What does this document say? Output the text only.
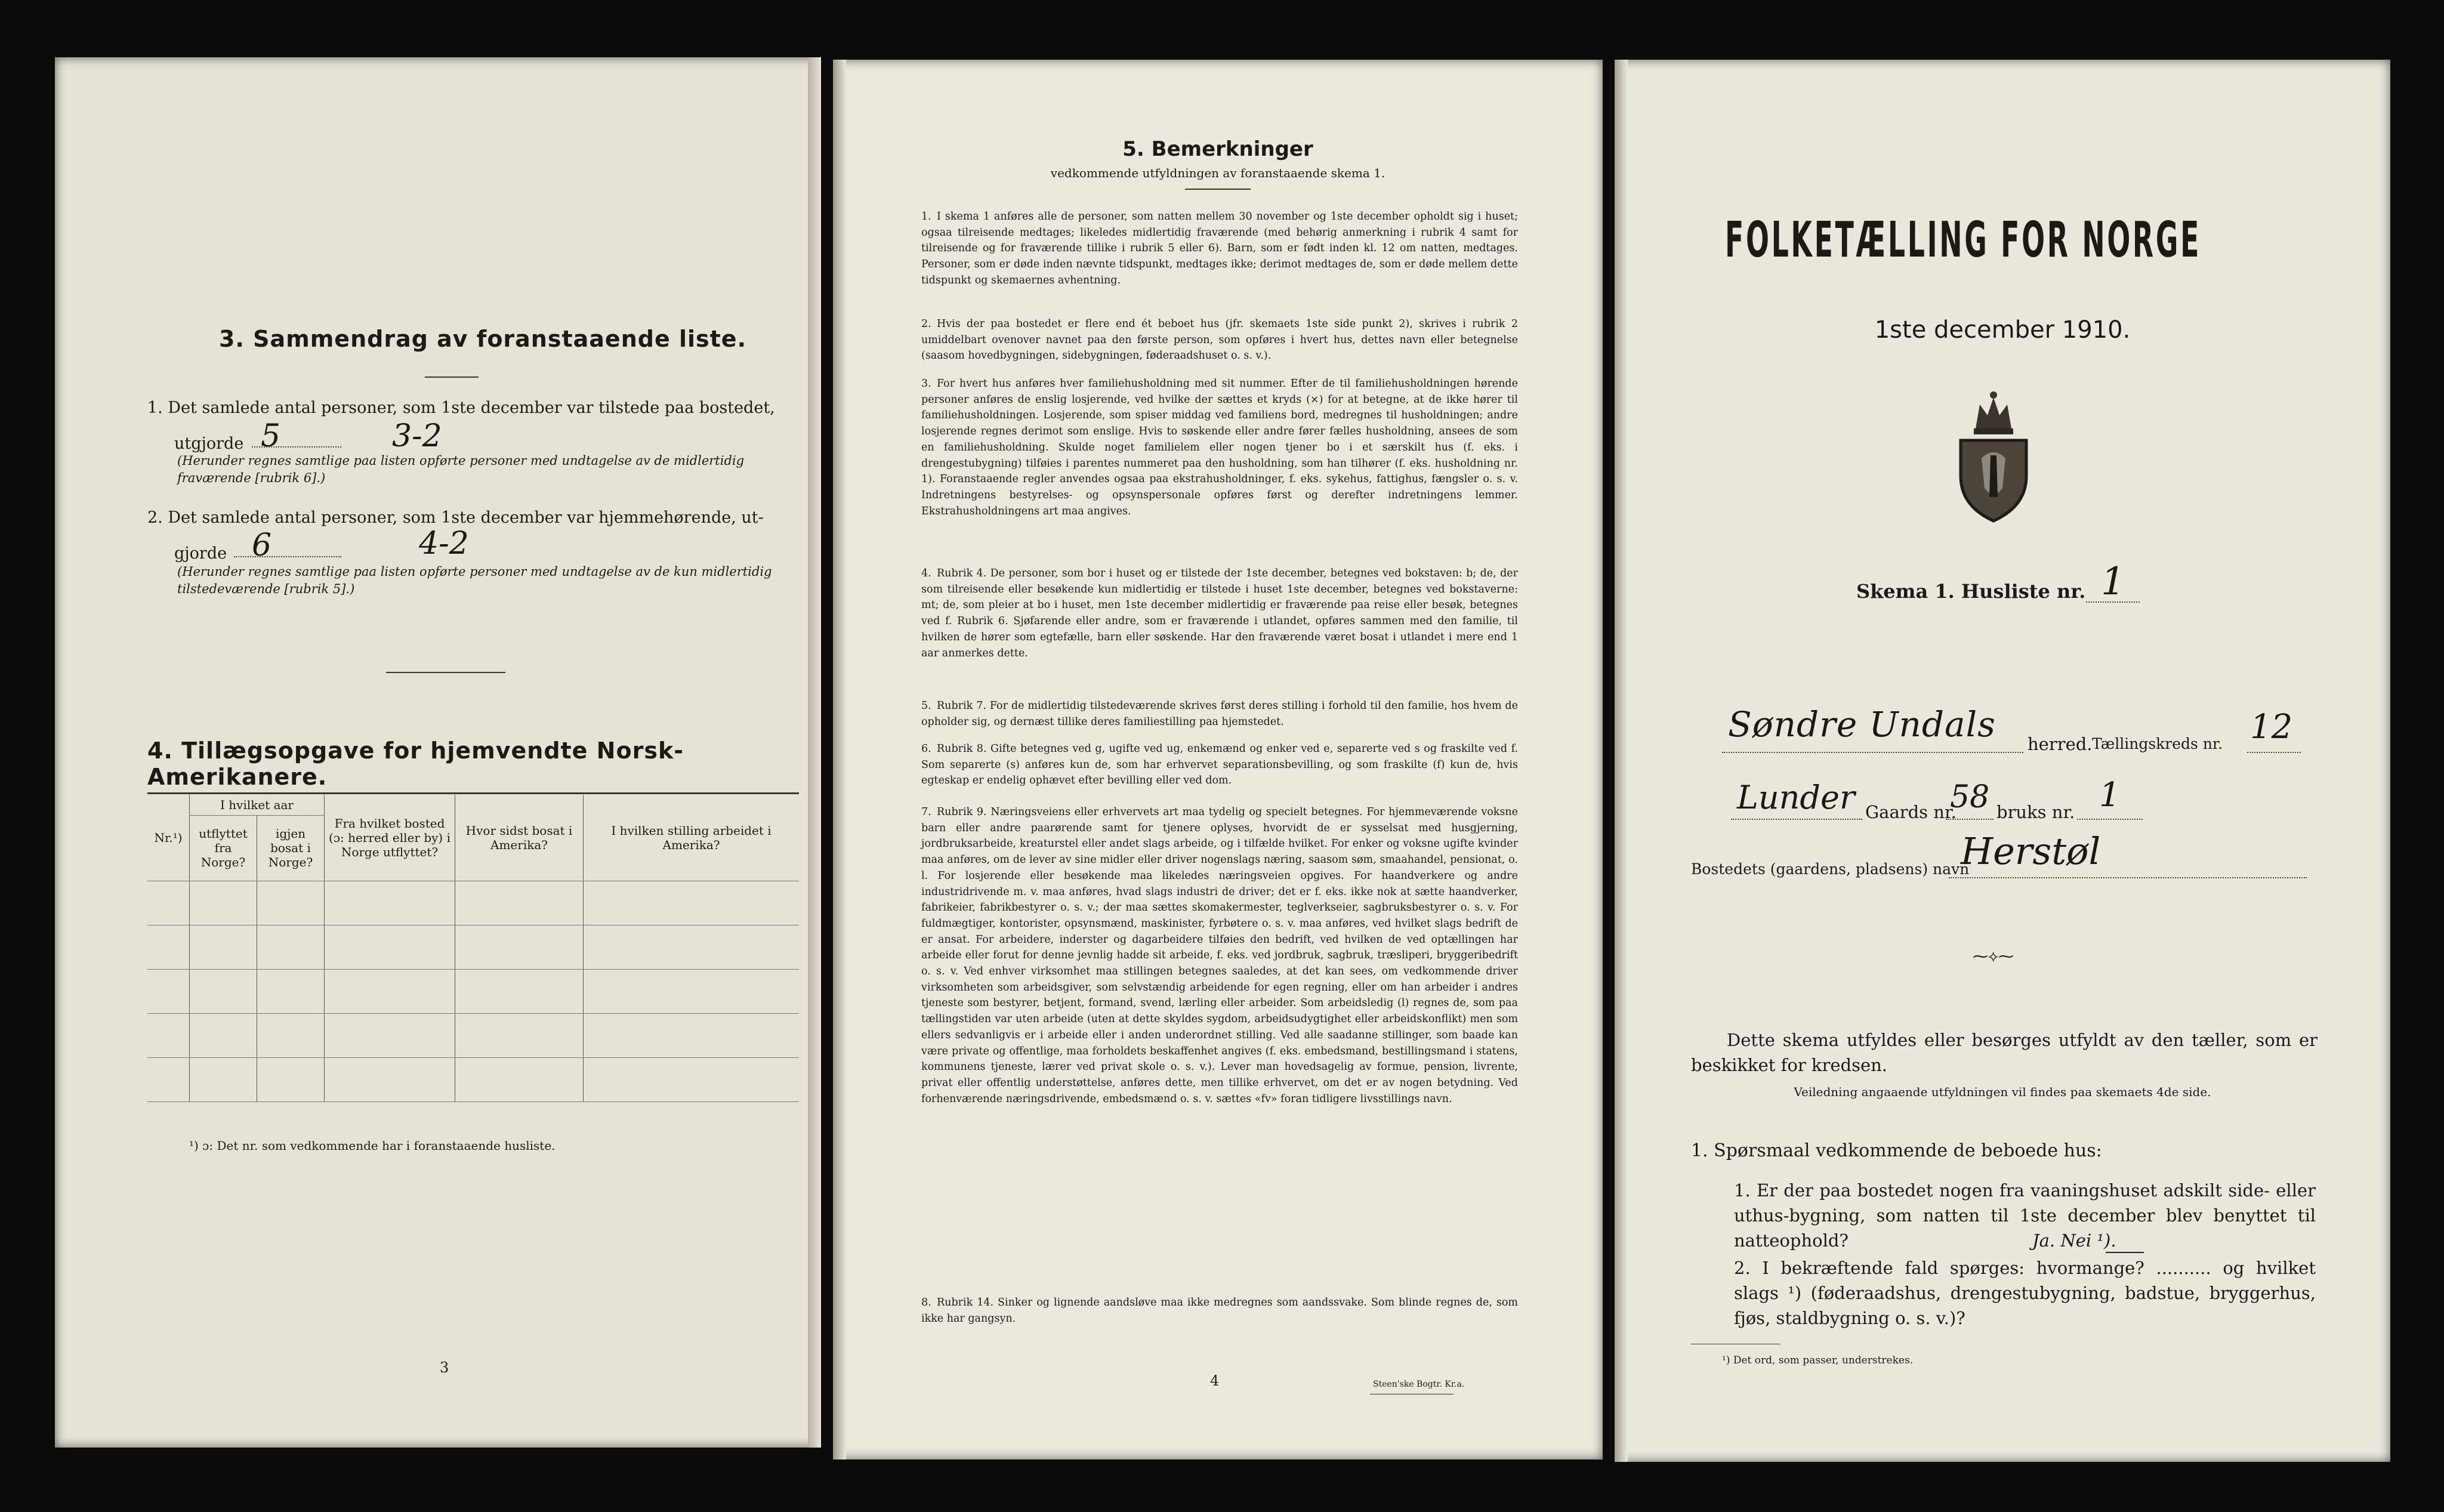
3. Sammendrag av foranstaaende liste.
1. Det samlede antal personer, som 1ste december var tilstede paa bostedet,
utgjorde 5	3-2
(Herunder regnes samtlige paa listen opførte personer med undtagelse av de midlertidig fraværende [rubrik 6].)
2. Det samlede antal personer, som 1ste december var hjemmehørende, ut-
gjorde 6	4-2
(Herunder regnes samtlige paa listen opførte personer med undtagelse av de kun midlertidig tilstedeværende [rubrik 5].)
4. Tillægsopgave for hjemvendte Norsk-Amerikanere.
Nr.¹)	I hvilket aar		Fra hvilket bosted (ɔ: herred eller by) i Norge utflyttet?	Hvor sidst bosat i Amerika?	I hvilken stilling arbeidet i Amerika?
	utflyttet fra Norge?	igjen bosat i Norge?			

¹) ɔ: Det nr. som vedkommende har i foranstaaende husliste.
3
5. Bemerkninger
vedkommende utfyldningen av foranstaaende skema 1.
1. I skema 1 anføres alle de personer, som natten mellem 30 november og 1ste december opholdt sig i huset; ogsaa tilreisende medtages; likeledes midlertidig fraværende (med behørig anmerkning i rubrik 4 samt for tilreisende og for fraværende tillike i rubrik 5 eller 6). Barn, som er født inden kl. 12 om natten, medtages. Personer, som er døde inden nævnte tidspunkt, medtages ikke; derimot medtages de, som er døde mellem dette tidspunkt og skemaernes avhentning.
2. Hvis der paa bostedet er flere end ét beboet hus (jfr. skemaets 1ste side punkt 2), skrives i rubrik 2 umiddelbart ovenover navnet paa den første person, som opføres i hvert hus, dettes navn eller betegnelse (saasom hovedbygningen, sidebygningen, føderaadshuset o. s. v.).
3. For hvert hus anføres hver familiehusholdning med sit nummer. Efter de til familiehusholdningen hørende personer anføres de enslig losjerende, ved hvilke der sættes et kryds (×) for at betegne, at de ikke hører til familiehusholdningen. Losjerende, som spiser middag ved familiens bord, medregnes til husholdningen; andre losjerende regnes derimot som enslige. Hvis to søskende eller andre fører fælles husholdning, ansees de som en familiehusholdning. Skulde noget familielem eller nogen tjener bo i et særskilt hus (f. eks. i drengestubygning) tilføies i parentes nummeret paa den husholdning, som han tilhører (f. eks. husholdning nr. 1). Foranstaaende regler anvendes ogsaa paa ekstrahusholdninger, f. eks. sykehus, fattighus, fængsler o. s. v. Indretningens bestyrelses- og opsynspersonale opføres først og derefter indretningens lemmer. Ekstrahusholdningens art maa angives.
4. Rubrik 4. De personer, som bor i huset og er tilstede der 1ste december, betegnes ved bokstaven: b; de, der som tilreisende eller besøkende kun midlertidig er tilstede i huset 1ste december, betegnes ved bokstaverne: mt; de, som pleier at bo i huset, men 1ste december midlertidig er fraværende paa reise eller besøk, betegnes ved f. Rubrik 6. Sjøfarende eller andre, som er fraværende i utlandet, opføres sammen med den familie, til hvilken de hører som egtefælle, barn eller søskende. Har den fraværende været bosat i utlandet i mere end 1 aar anmerkes dette.
5. Rubrik 7. For de midlertidig tilstedeværende skrives først deres stilling i forhold til den familie, hos hvem de opholder sig, og dernæst tillike deres familiestilling paa hjemstedet.
6. Rubrik 8. Gifte betegnes ved g, ugifte ved ug, enkemænd og enker ved e, separerte ved s og fraskilte ved f. Som separerte (s) anføres kun de, som har erhvervet separationsbevilling, og som fraskilte (f) kun de, hvis egteskap er endelig ophævet efter bevilling eller ved dom.
7. Rubrik 9. Næringsveiens eller erhvervets art maa tydelig og specielt betegnes. For hjemmeværende voksne barn eller andre paarørende samt for tjenere oplyses, hvorvidt de er sysselsat med husgjerning, jordbruksarbeide, kreaturstel eller andet slags arbeide, og i tilfælde hvilket. For enker og voksne ugifte kvinder maa anføres, om de lever av sine midler eller driver nogenslags næring, saasom søm, smaahandel, pensionat, o. l. For losjerende eller besøkende maa likeledes næringsveien opgives. For haandverkere og andre industridrivende m. v. maa anføres, hvad slags industri de driver; det er f. eks. ikke nok at sætte haandverker, fabrikeier, fabrikbestyrer o. s. v.; der maa sættes skomakermester, teglverkseier, sagbruksbestyrer o. s. v. For fuldmægtiger, kontorister, opsynsmænd, maskinister, fyrbøtere o. s. v. maa anføres, ved hvilket slags bedrift de er ansat. For arbeidere, inderster og dagarbeidere tilføies den bedrift, ved hvilken de ved optællingen har arbeide eller forut for denne jevnlig hadde sit arbeide, f. eks. ved jordbruk, sagbruk, træsliperi, bryggeribedrift o. s. v. Ved enhver virksomhet maa stillingen betegnes saaledes, at det kan sees, om vedkommende driver virksomheten som arbeidsgiver, som selvstændig arbeidende for egen regning, eller om han arbeider i andres tjeneste som bestyrer, betjent, formand, svend, lærling eller arbeider. Som arbeidsledig (l) regnes de, som paa tællingstiden var uten arbeide (uten at dette skyldes sygdom, arbeidsudygtighet eller arbeidskonflikt) men som ellers sedvanligvis er i arbeide eller i anden underordnet stilling. Ved alle saadanne stillinger, som baade kan være private og offentlige, maa forholdets beskaffenhet angives (f. eks. embedsmand, bestillingsmand i statens, kommunens tjeneste, lærer ved privat skole o. s. v.). Lever man hovedsagelig av formue, pension, livrente, privat eller offentlig understøttelse, anføres dette, men tillike erhvervet, om det er av nogen betydning. Ved forhenværende næringsdrivende, embedsmænd o. s. v. sættes «fv» foran tidligere livsstillings navn.
8. Rubrik 14. Sinker og lignende aandsløve maa ikke medregnes som aandssvake. Som blinde regnes de, som ikke har gangsyn.
4	Steen'ske Bogtr. Kr.a.
FOLKETÆLLING FOR NORGE
1ste december 1910.
Skema 1. Husliste nr. 1
Søndre Undals herred. Tællingskreds nr. 12
Lunder Gaards nr.
58 bruks nr. 1
Bostedets (gaardens, pladsens) navn
Herstøl
⁓⟡⁓
Dette skema utfyldes eller besørges utfyldt av den tæller, som er beskikket for kredsen.
Veiledning angaaende utfyldningen vil findes paa skemaets 4de side.
1. Spørsmaal vedkommende de beboede hus:
1. Er der paa bostedet nogen fra vaaningshuset adskilt side- eller uthus-bygning, som natten til 1ste december blev benyttet til natteophold?	Ja. Nei ¹).
2. I bekræftende fald spørges: hvormange? .......... og hvilket slags ¹) (føderaadshus, drengestubygning, badstue, bryggerhus, fjøs, staldbygning o. s. v.)?
¹) Det ord, som passer, understrekes.
